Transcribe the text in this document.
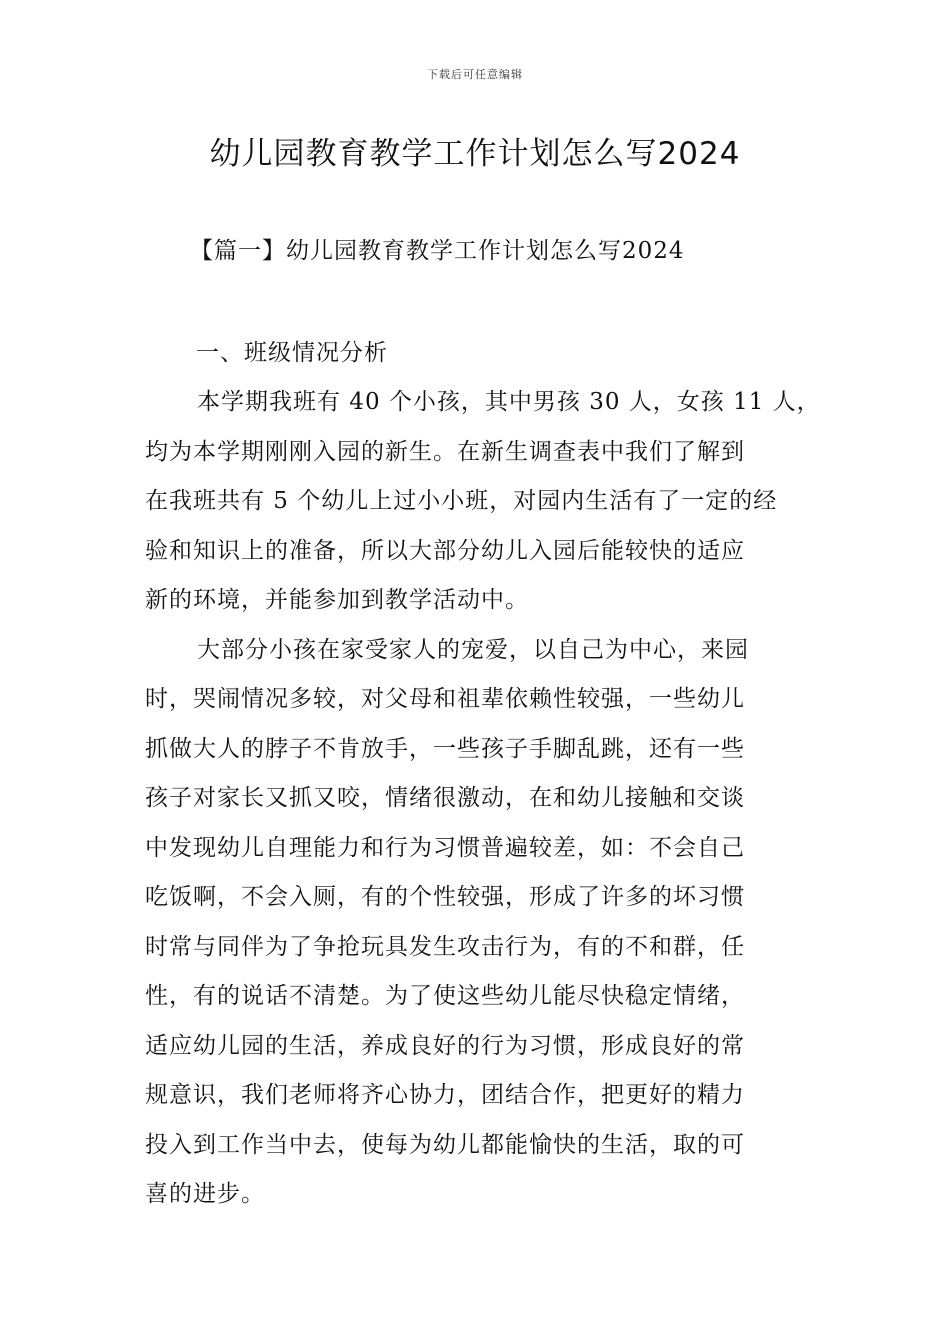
下载后可任意编辑
幼儿园教育教学工作计划怎么写2024
【篇一】幼儿园教育教学工作计划怎么写2024
一、班级情况分析

本学期我班有 40 个小孩，其中男孩 30 人，女孩 11 人，
均为本学期刚刚入园的新生。在新生调查表中我们了解到
在我班共有 5 个幼儿上过小小班，对园内生活有了一定的经
验和知识上的准备，所以大部分幼儿入园后能较快的适应
新的环境，并能参加到教学活动中。

大部分小孩在家受家人的宠爱，以自己为中心，来园
时，哭闹情况多较，对父母和祖辈依赖性较强，一些幼儿
抓做大人的脖子不肯放手，一些孩子手脚乱跳，还有一些
孩子对家长又抓又咬，情绪很激动，在和幼儿接触和交谈
中发现幼儿自理能力和行为习惯普遍较差，如：不会自己
吃饭啊，不会入厕，有的个性较强，形成了许多的坏习惯
时常与同伴为了争抢玩具发生攻击行为，有的不和群，任
性，有的说话不清楚。为了使这些幼儿能尽快稳定情绪，
适应幼儿园的生活，养成良好的行为习惯，形成良好的常
规意识，我们老师将齐心协力，团结合作，把更好的精力
投入到工作当中去，使每为幼儿都能愉快的生活，取的可
喜的进步。
